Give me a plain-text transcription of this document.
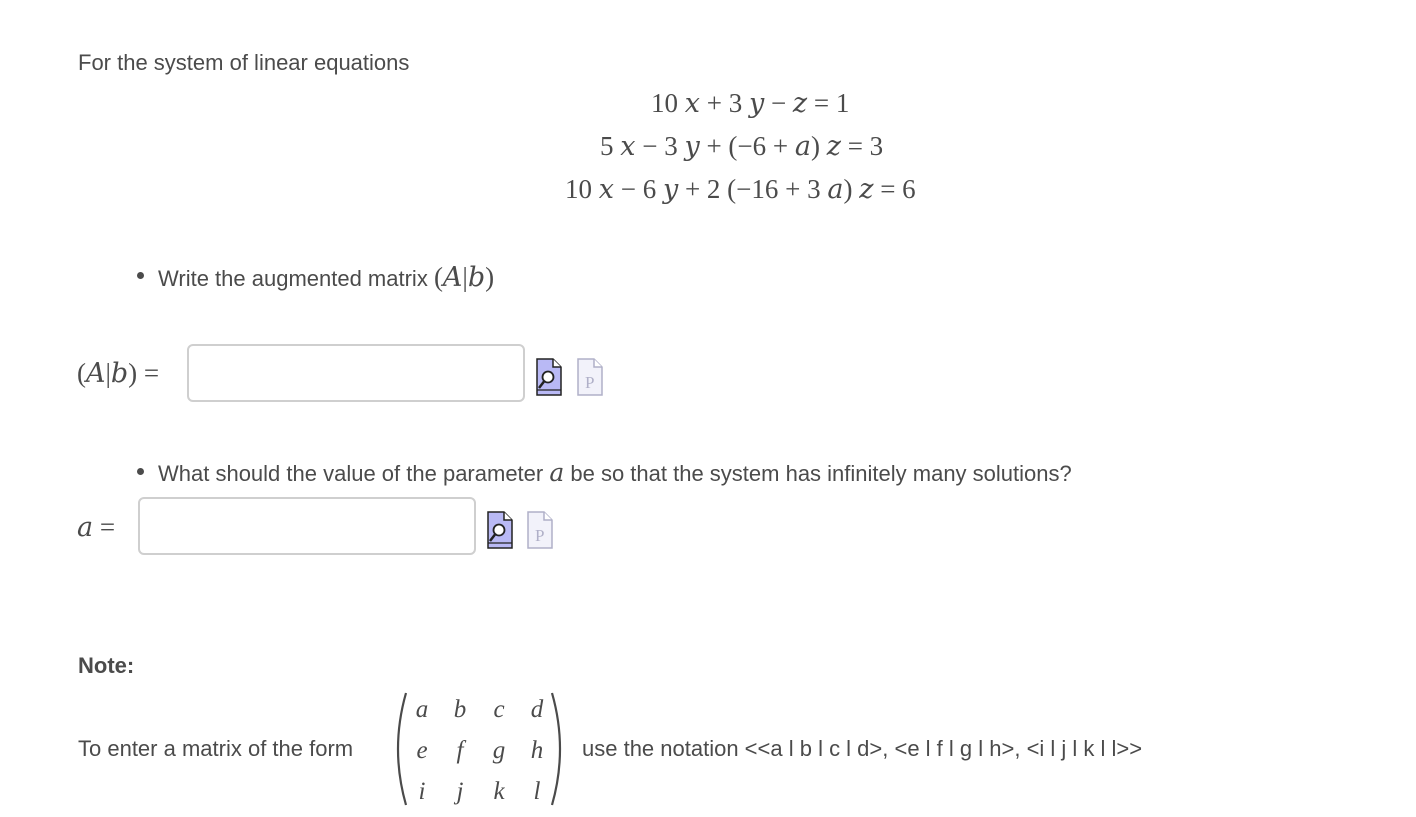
For the system of linear equations
10 𝑥 + 3 𝑦 − 𝑧 = 1
5 𝑥 − 3 𝑦 + (−6 + 𝑎) 𝑧 = 3
10 𝑥 − 6 𝑦 + 2 (−16 + 3 𝑎) 𝑧 = 6
Write the augmented matrix (𝐴|𝑏)
(𝐴|𝑏) =	P
What should the value of the parameter 𝑎 be so that the system has infinitely many solutions?
𝑎 =	P
Note:
To enter a matrix of the form
a	b	c	d
e	f	g	h
i	j	k	l
use the notation <<a l b l c l d>, <e l f l g l h>, <i l j l k l l>>
